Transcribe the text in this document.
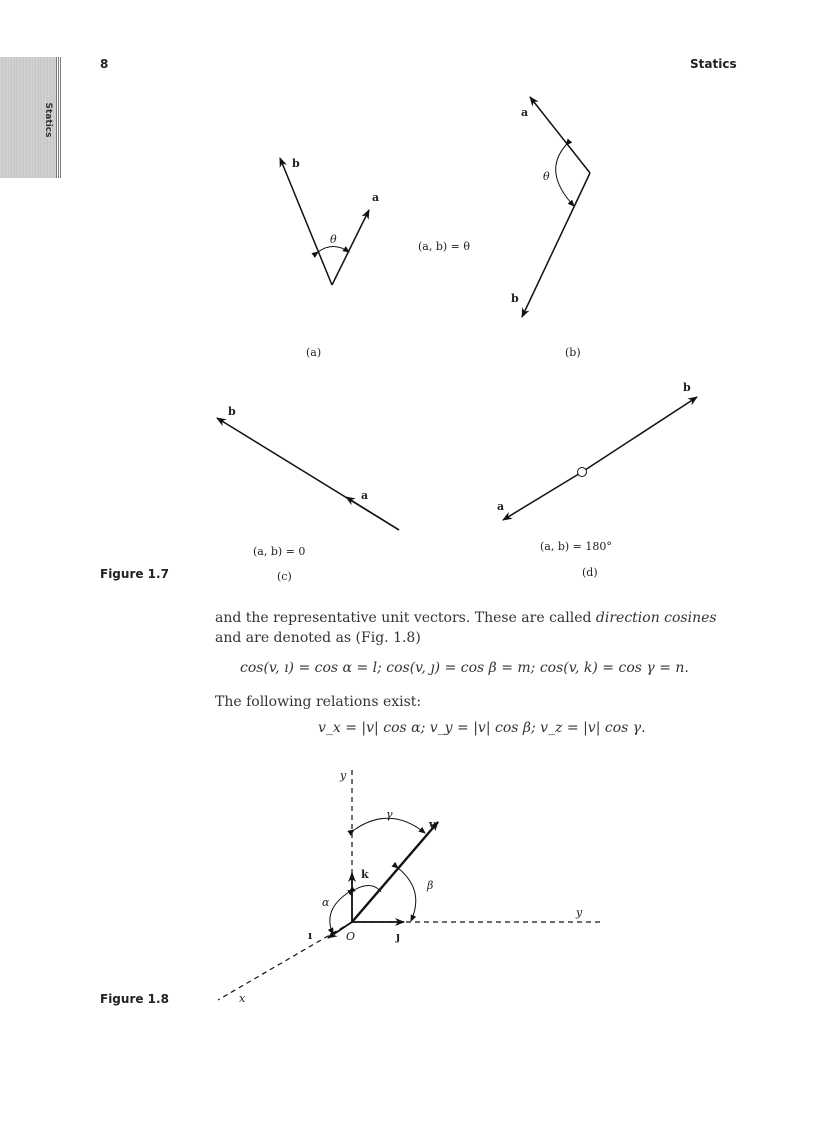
Statics
8	Statics
b
a
θ
(a)
(a, b) = θ
a
b
θ
(b)
b
a
(a, b) = 0
(c)
b
a
(a, b) = 180°
(d)
Figure 1.7
and the representative unit vectors. These are called direction cosines and are denoted as (Fig. 1.8)
cos(v, ı) = cos α = l; cos(v, ȷ) = cos β = m; cos(v, k) = cos γ = n.
The following relations exist:
v_x = |v| cos α; v_y = |v| cos β; v_z = |v| cos γ.
y
y
x
O
v
k
ȷ
ı
α
β
γ
Figure 1.8
